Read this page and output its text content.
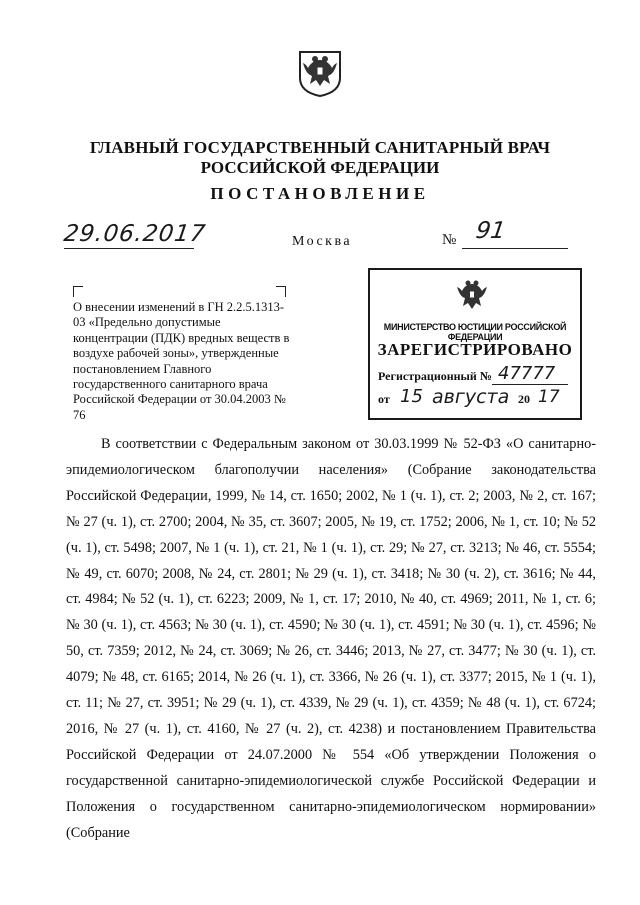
ГЛАВНЫЙ ГОСУДАРСТВЕННЫЙ САНИТАРНЫЙ ВРАЧ
РОССИЙСКОЙ ФЕДЕРАЦИИ
ПОСТАНОВЛЕНИЕ
29.06.2017	Москва	№ 91
О внесении изменений в ГН 2.2.5.1313-03 «Предельно допустимые концентрации (ПДК) вредных веществ в воздухе рабочей зоны», утвержденные постановлением Главного государственного санитарного врача Российской Федерации от 30.04.2003 № 76
МИНИСТЕРСТВО ЮСТИЦИИ РОССИЙСКОЙ ФЕДЕРАЦИИ
ЗАРЕГИСТРИРОВАНО
Регистрационный № 47777
от 15 августа 20 17
В соответствии с Федеральным законом от 30.03.1999 № 52-ФЗ «О санитарно-эпидемиологическом благополучии населения» (Собрание законодательства Российской Федерации, 1999, № 14, ст. 1650; 2002, № 1 (ч. 1), ст. 2; 2003, № 2, ст. 167; № 27 (ч. 1), ст. 2700; 2004, № 35, ст. 3607; 2005, № 19, ст. 1752; 2006, № 1, ст. 10; № 52 (ч. 1), ст. 5498; 2007, № 1 (ч. 1), ст. 21, № 1 (ч. 1), ст. 29; № 27, ст. 3213; № 46, ст. 5554; № 49, ст. 6070; 2008, № 24, ст. 2801; № 29 (ч. 1), ст. 3418; № 30 (ч. 2), ст. 3616; № 44, ст. 4984; № 52 (ч. 1), ст. 6223; 2009, № 1, ст. 17; 2010, № 40, ст. 4969; 2011, № 1, ст. 6; № 30 (ч. 1), ст. 4563; № 30 (ч. 1), ст. 4590; № 30 (ч. 1), ст. 4591; № 30 (ч. 1), ст. 4596; № 50, ст. 7359; 2012, № 24, ст. 3069; № 26, ст. 3446; 2013, № 27, ст. 3477; № 30 (ч. 1), ст. 4079; № 48, ст. 6165; 2014, № 26 (ч. 1), ст. 3366, № 26 (ч. 1), ст. 3377; 2015, № 1 (ч. 1), ст. 11; № 27, ст. 3951; № 29 (ч. 1), ст. 4339, № 29 (ч. 1), ст. 4359; № 48 (ч. 1), ст. 6724; 2016, № 27 (ч. 1), ст. 4160, № 27 (ч. 2), ст. 4238) и постановлением Правительства Российской Федерации от 24.07.2000 № 554 «Об утверждении Положения о государственной санитарно-эпидемиологической службе Российской Федерации и Положения о государственном санитарно-эпидемиологическом нормировании» (Собрание
